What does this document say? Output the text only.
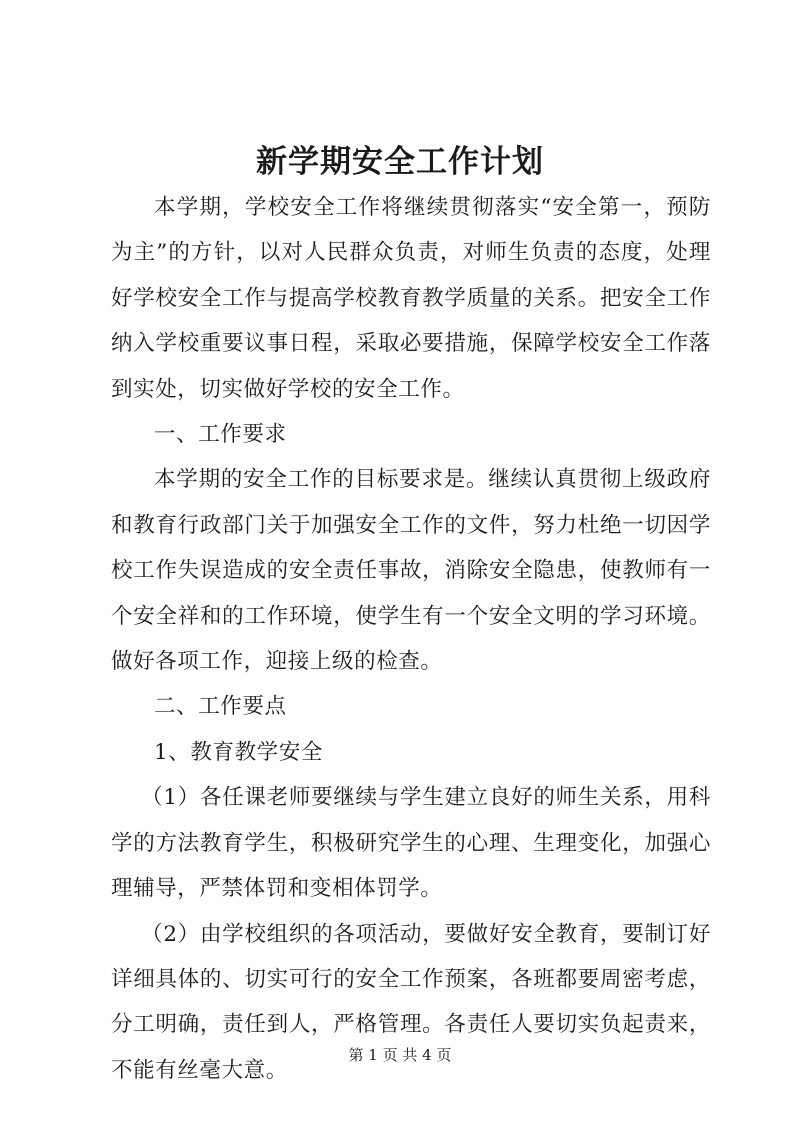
新学期安全工作计划

本学期，学校安全工作将继续贯彻落实“安全第一，预防为主”的方针，以对人民群众负责，对师生负责的态度，处理好学校安全工作与提高学校教育教学质量的关系。把安全工作纳入学校重要议事日程，采取必要措施，保障学校安全工作落到实处，切实做好学校的安全工作。

一、工作要求

本学期的安全工作的目标要求是。继续认真贯彻上级政府和教育行政部门关于加强安全工作的文件，努力杜绝一切因学校工作失误造成的安全责任事故，消除安全隐患，使教师有一个安全祥和的工作环境，使学生有一个安全文明的学习环境。做好各项工作，迎接上级的检查。

二、工作要点

1、教育教学安全

（1）各任课老师要继续与学生建立良好的师生关系，用科学的方法教育学生，积极研究学生的心理、生理变化，加强心理辅导，严禁体罚和变相体罚学。

（2）由学校组织的各项活动，要做好安全教育，要制订好详细具体的、切实可行的安全工作预案，各班都要周密考虑，分工明确，责任到人，严格管理。各责任人要切实负起责来，不能有丝毫大意。

第 1 页 共 4 页
